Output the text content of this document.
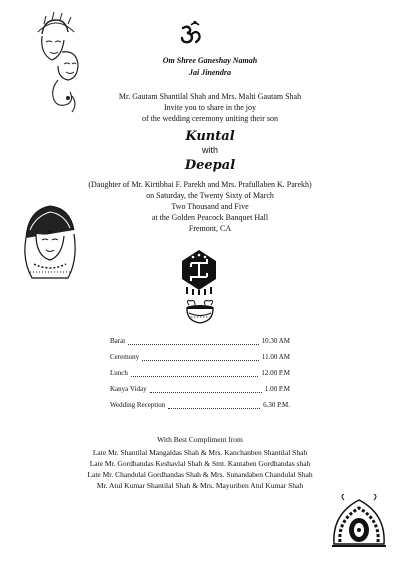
Om Shree Ganeshay Namah
Jai Jinendra
Mr. Gautam Shantilal Shah and Mrs. Malti Gautam Shah
Invite you to share in the joy
of the wedding ceremony uniting their son
Kuntal
with
Deepal
(Daughter of Mr. Kirtibhai F. Parekh and Mrs. Prafullaben K. Parekh)
on Saturday, the Twenty Sixty of March
Two Thousand and Five
at the Golden Peacock Banquet Hall
Fremont, CA
Barat	10.30 AM
Ceremony	11.00 AM
Lunch	12.00 P.M
Kanya Viday	1.00 P.M
Wedding Reception	6.30 P.M.
With Best Compliment from
Late Mr. Shantilal Mangaldas Shah & Mrs. Kanchanben Shantilal Shah
Late Mr. Gordhandas Keshavlal Shah & Smt. Kantaben Gordhandas shah
Late Mr. Chandulal Gordhandas Shah & Mrs. Sunandaben Chandulal Shah
Mr. Atul Kumar Shantilal Shah & Mrs. Mayuriben Atul Kumar Shah
